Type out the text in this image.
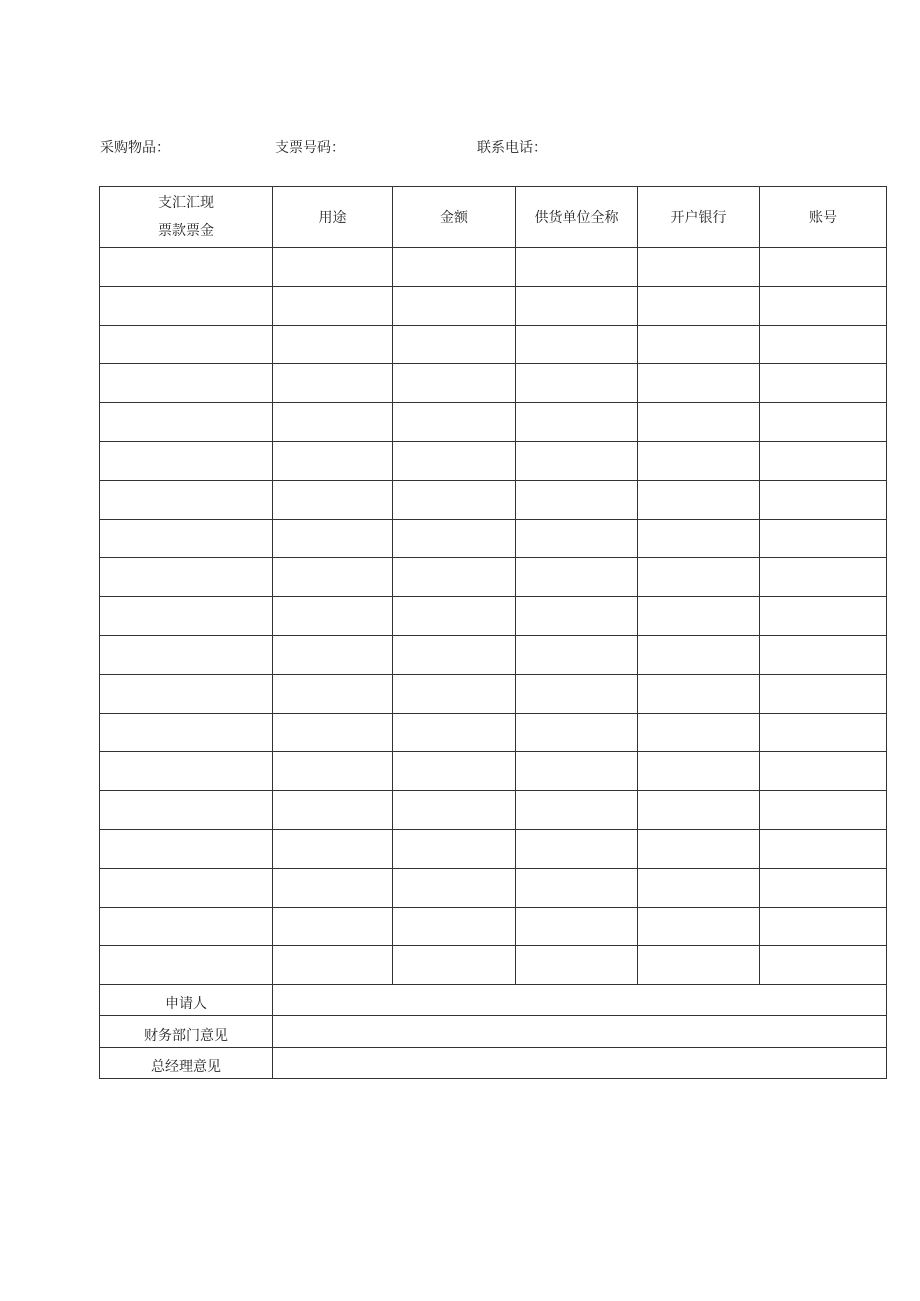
采购物品：	支票号码：	联系电话：
支汇汇现
票款票金	用途	金额	供货单位全称	开户银行	账号

申请人					

财务部门意见					

总经理意见					
